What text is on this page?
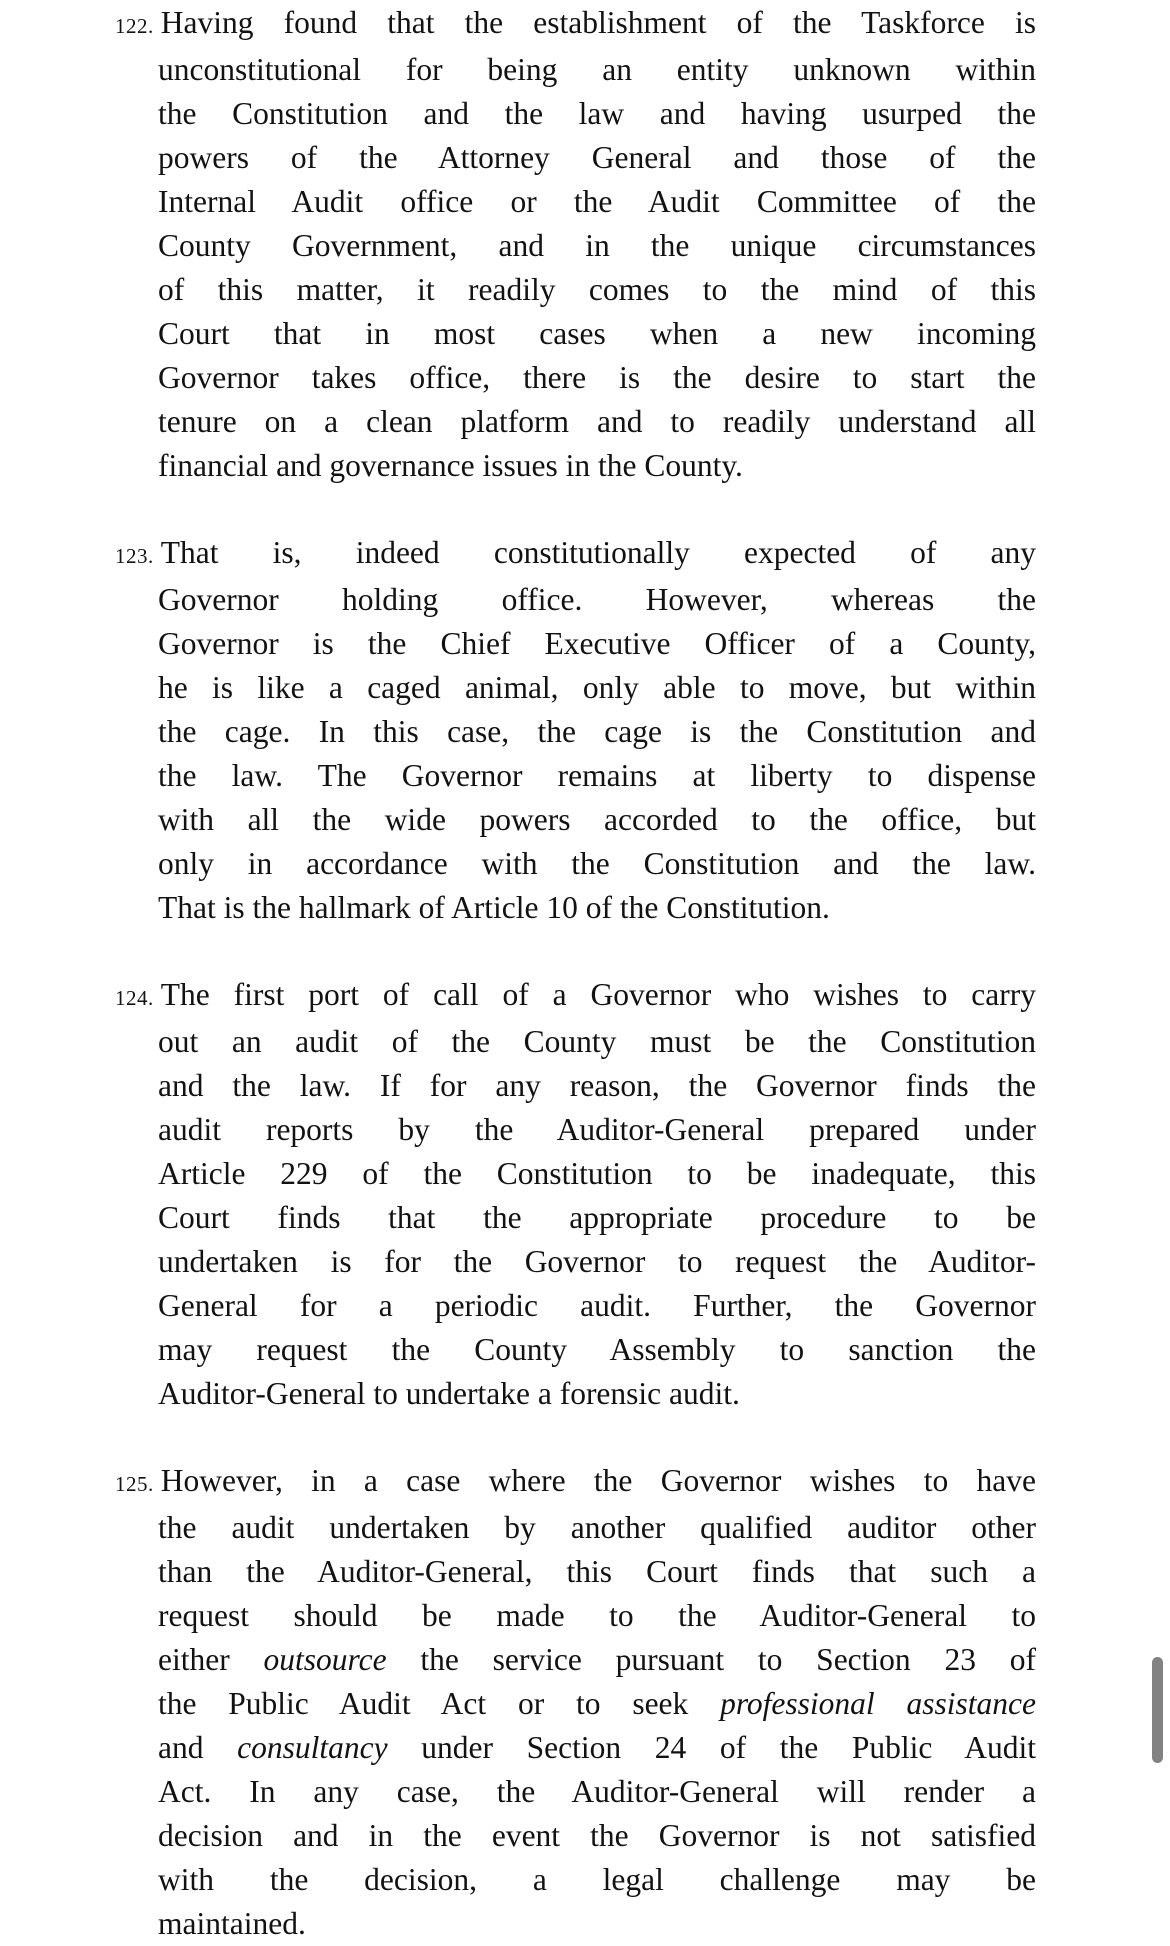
122. Having found that the establishment of the Taskforce is
unconstitutional for being an entity unknown within
the Constitution and the law and having usurped the
powers of the Attorney General and those of the
Internal Audit office or the Audit Committee of the
County Government, and in the unique circumstances
of this matter, it readily comes to the mind of this
Court that in most cases when a new incoming
Governor takes office, there is the desire to start the
tenure on a clean platform and to readily understand all
financial and governance issues in the County.
123. That is, indeed constitutionally expected of any
Governor holding office. However, whereas the
Governor is the Chief Executive Officer of a County,
he is like a caged animal, only able to move, but within
the cage. In this case, the cage is the Constitution and
the law. The Governor remains at liberty to dispense
with all the wide powers accorded to the office, but
only in accordance with the Constitution and the law.
That is the hallmark of Article 10 of the Constitution.
124. The first port of call of a Governor who wishes to carry
out an audit of the County must be the Constitution
and the law. If for any reason, the Governor finds the
audit reports by the Auditor-General prepared under
Article 229 of the Constitution to be inadequate, this
Court finds that the appropriate procedure to be
undertaken is for the Governor to request the Auditor-
General for a periodic audit. Further, the Governor
may request the County Assembly to sanction the
Auditor-General to undertake a forensic audit.
125. However, in a case where the Governor wishes to have
the audit undertaken by another qualified auditor other
than the Auditor-General, this Court finds that such a
request should be made to the Auditor-General to
either outsource the service pursuant to Section 23 of
the Public Audit Act or to seek professional assistance
and consultancy under Section 24 of the Public Audit
Act. In any case, the Auditor-General will render a
decision and in the event the Governor is not satisfied
with the decision, a legal challenge may be
maintained.
